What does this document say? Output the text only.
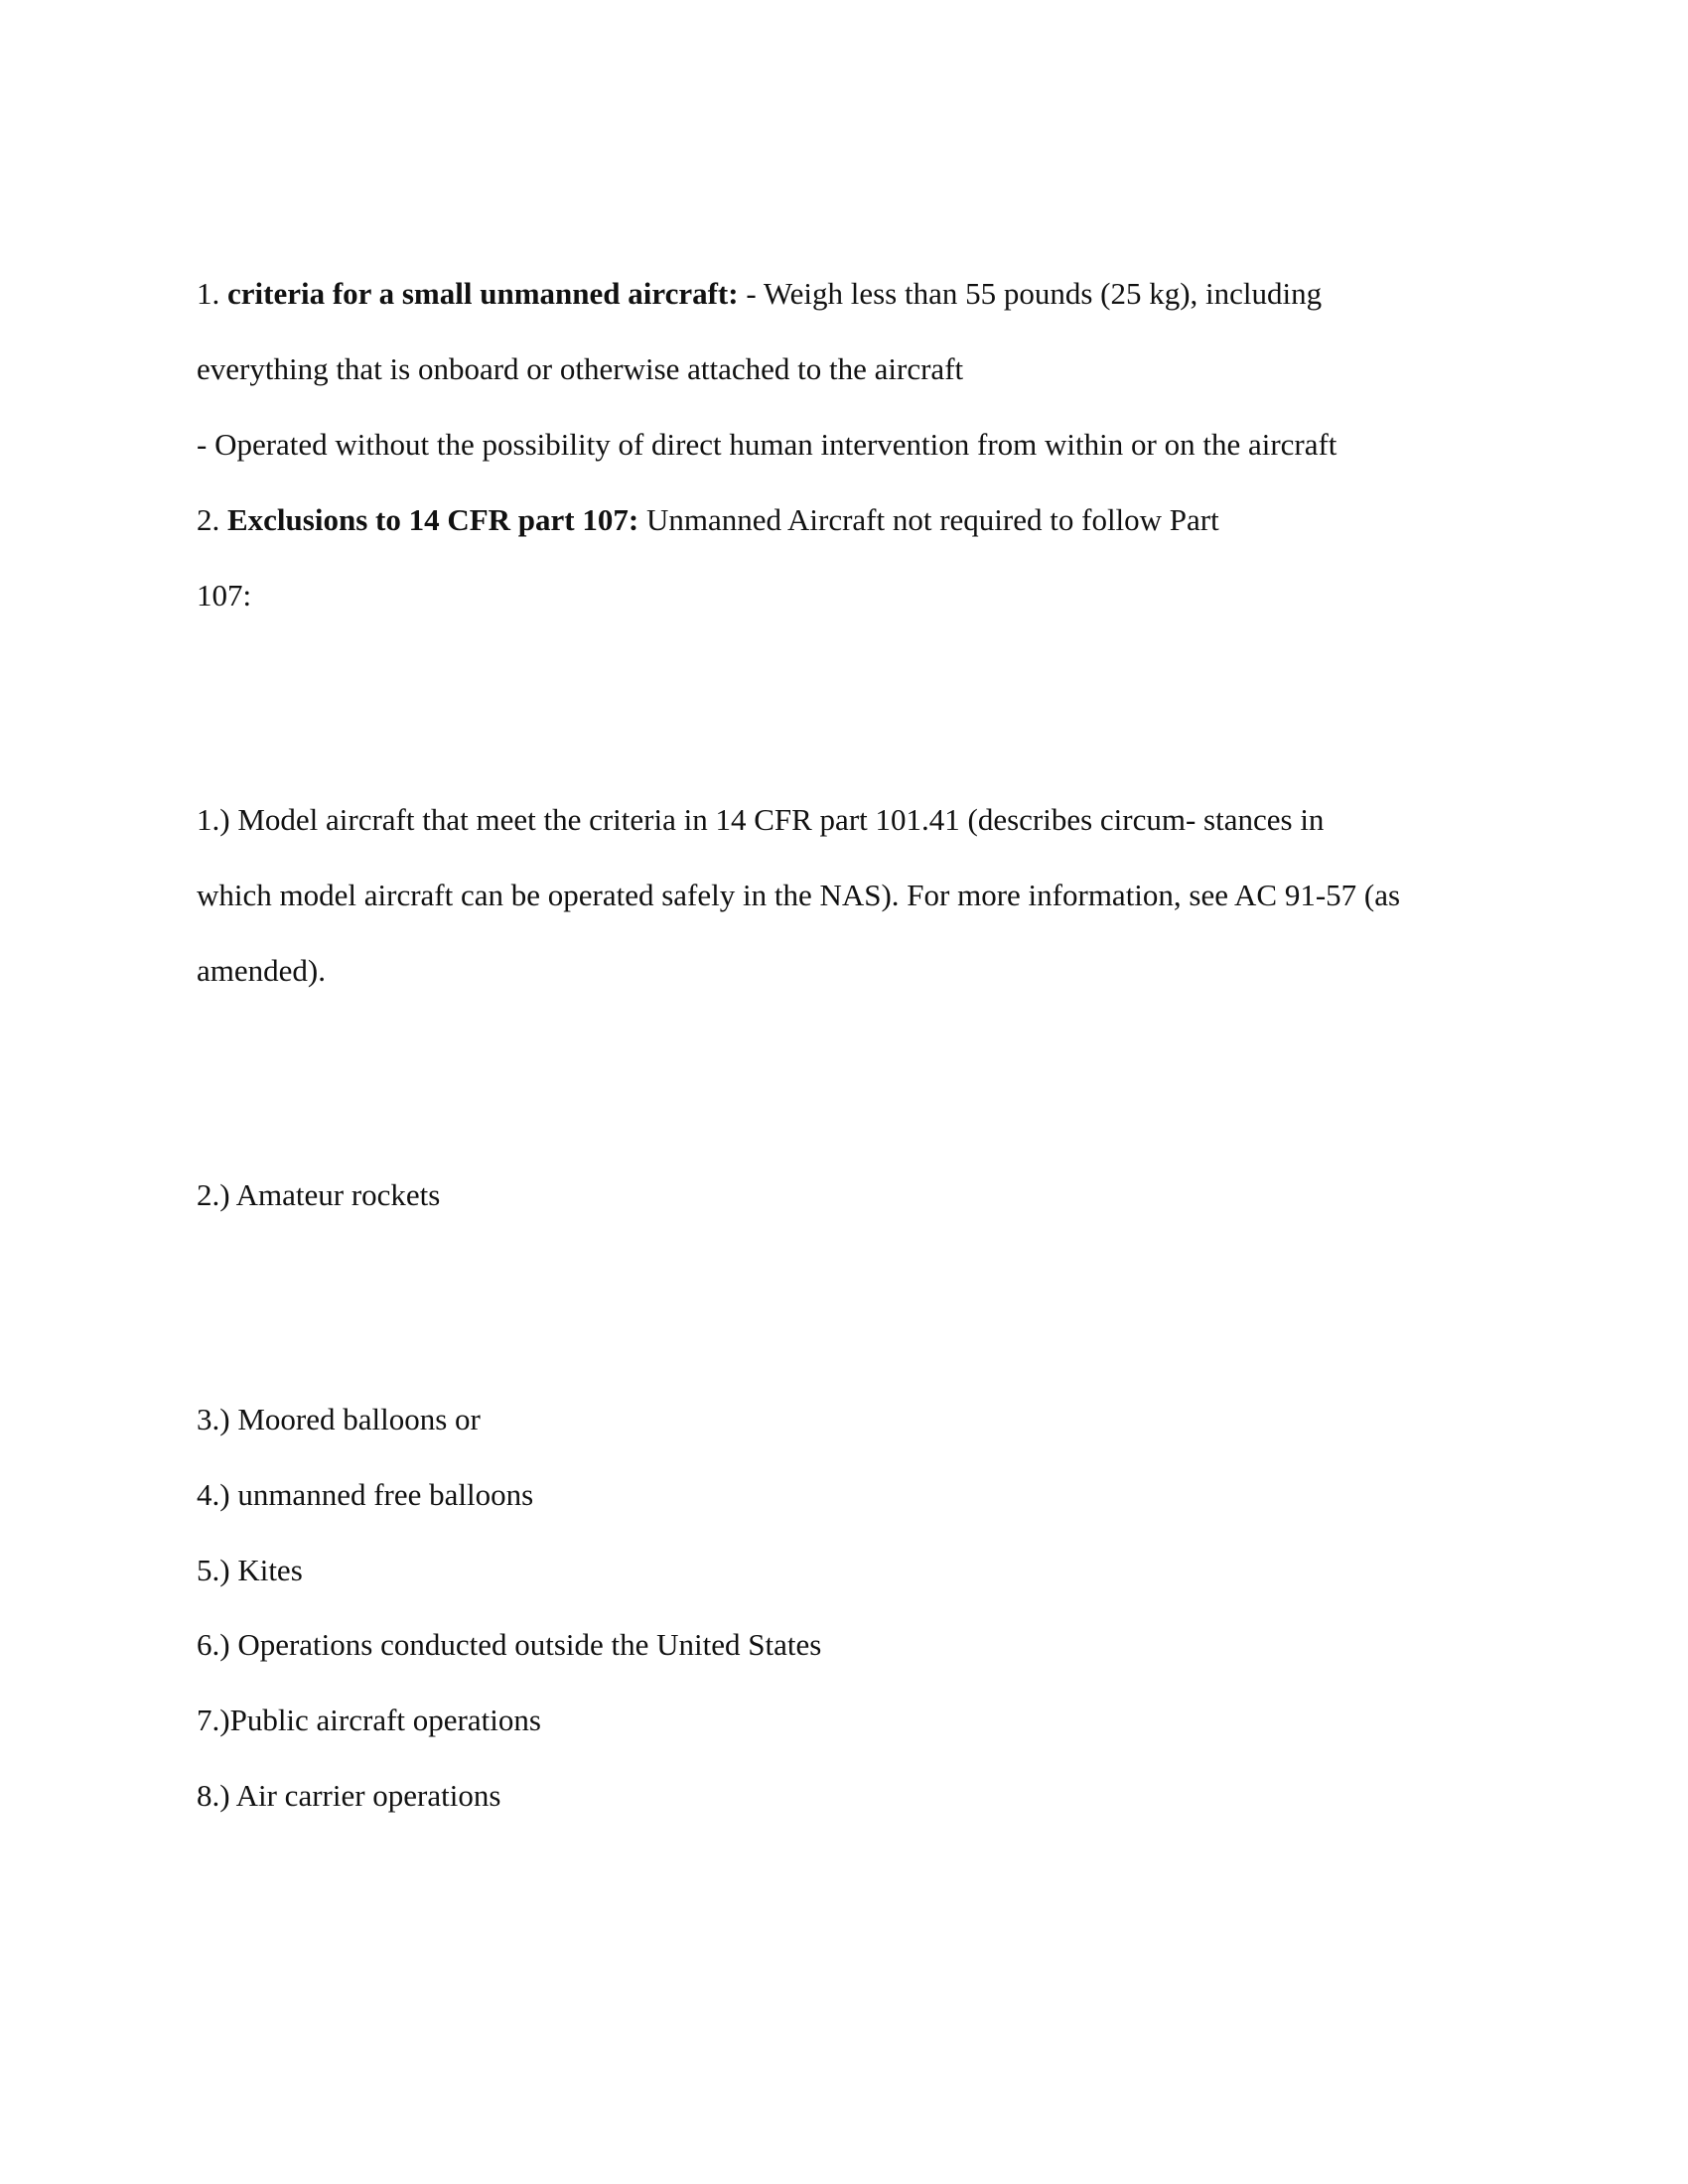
1. criteria for a small unmanned aircraft: - Weigh less than 55 pounds (25 kg), including
everything that is onboard or otherwise attached to the aircraft
- Operated without the possibility of direct human intervention from within or on the aircraft
2. Exclusions to 14 CFR part 107: Unmanned Aircraft not required to follow Part
107:
1.) Model aircraft that meet the criteria in 14 CFR part 101.41 (describes circum- stances in
which model aircraft can be operated safely in the NAS). For more information, see AC 91-57 (as
amended).
2.) Amateur rockets
3.) Moored balloons or
4.) unmanned free balloons
5.) Kites
6.) Operations conducted outside the United States
7.)Public aircraft operations
8.) Air carrier operations
